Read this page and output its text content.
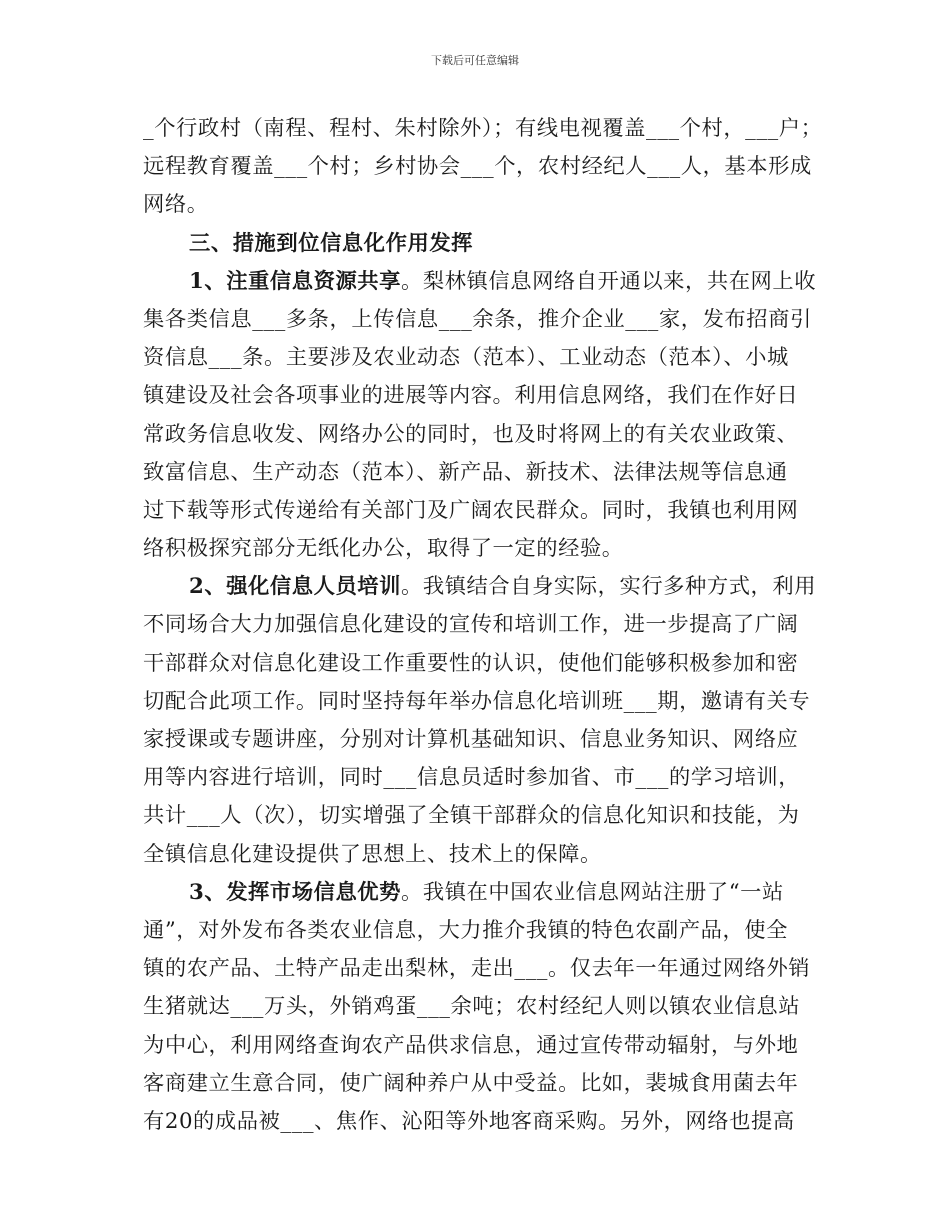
下载后可任意编辑
_个行政村（南程、程村、朱村除外）；有线电视覆盖___个村，___户；
远程教育覆盖___个村；乡村协会___个，农村经纪人___人，基本形成
网络。
三、措施到位信息化作用发挥
1、注重信息资源共享。梨林镇信息网络自开通以来，共在网上收
集各类信息___多条，上传信息___余条，推介企业___家，发布招商引
资信息___条。主要涉及农业动态（范本）、工业动态（范本）、小城
镇建设及社会各项事业的进展等内容。利用信息网络，我们在作好日
常政务信息收发、网络办公的同时，也及时将网上的有关农业政策、
致富信息、生产动态（范本）、新产品、新技术、法律法规等信息通
过下载等形式传递给有关部门及广阔农民群众。同时，我镇也利用网
络积极探究部分无纸化办公，取得了一定的经验。
2、强化信息人员培训。我镇结合自身实际，实行多种方式，利用
不同场合大力加强信息化建设的宣传和培训工作，进一步提高了广阔
干部群众对信息化建设工作重要性的认识，使他们能够积极参加和密
切配合此项工作。同时坚持每年举办信息化培训班___期，邀请有关专
家授课或专题讲座，分别对计算机基础知识、信息业务知识、网络应
用等内容进行培训，同时___信息员适时参加省、市___的学习培训，
共计___人（次），切实增强了全镇干部群众的信息化知识和技能，为
全镇信息化建设提供了思想上、技术上的保障。
3、发挥市场信息优势。我镇在中国农业信息网站注册了“一站
通”，对外发布各类农业信息，大力推介我镇的特色农副产品，使全
镇的农产品、土特产品走出梨林，走出___。仅去年一年通过网络外销
生猪就达___万头，外销鸡蛋___余吨；农村经纪人则以镇农业信息站
为中心，利用网络查询农产品供求信息，通过宣传带动辐射，与外地
客商建立生意合同，使广阔种养户从中受益。比如，裴城食用菌去年
有20的成品被___、焦作、沁阳等外地客商采购。另外，网络也提高
